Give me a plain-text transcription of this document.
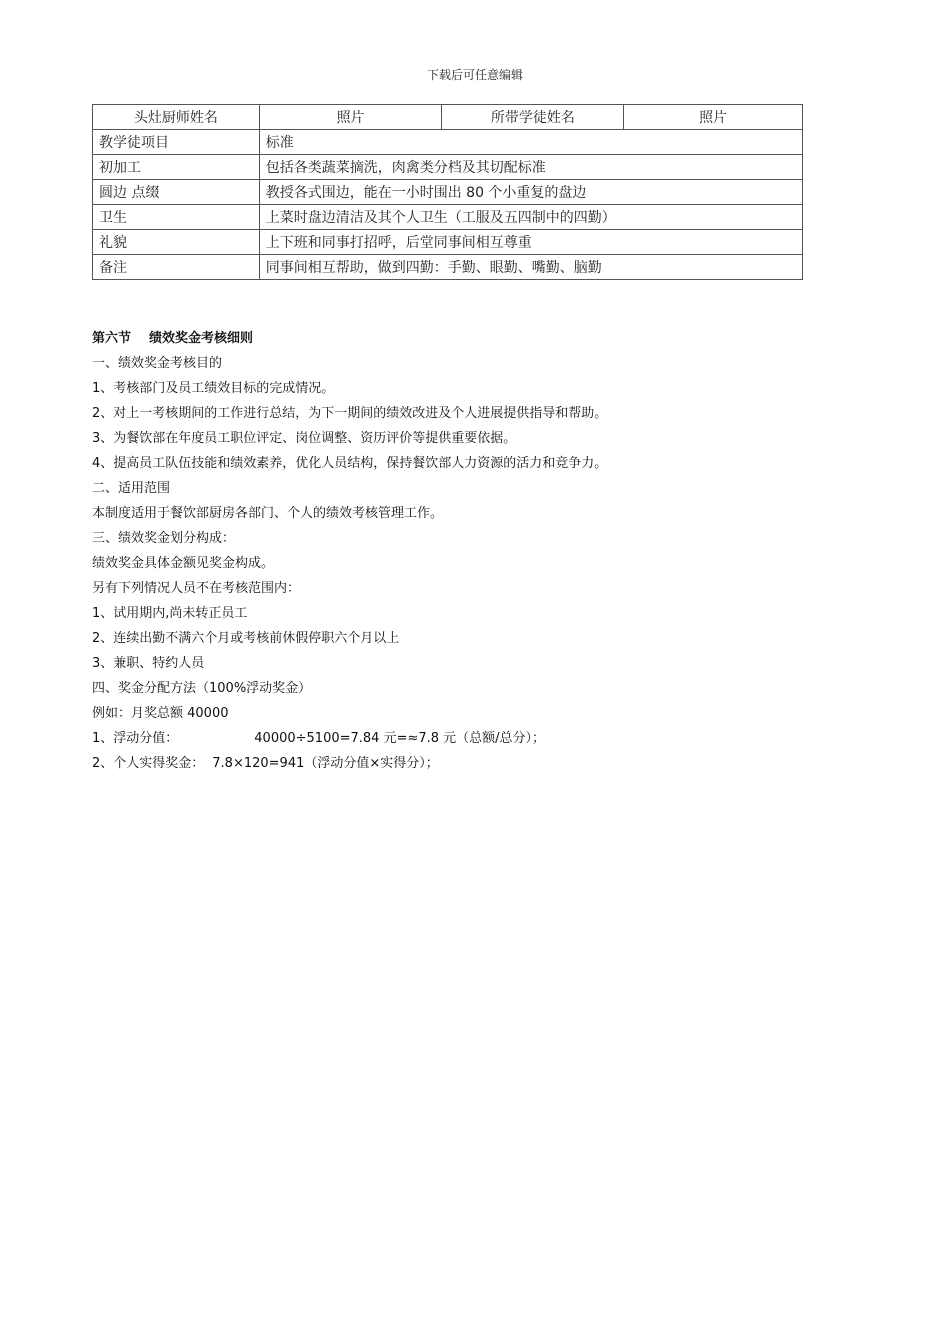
下载后可任意编辑
头灶厨师姓名	照片	所带学徒姓名	照片
教学徒项目	标准		
初加工	包括各类蔬菜摘洗，肉禽类分档及其切配标准		
圆边 点缀	教授各式围边，能在一小时围出 80 个小重复的盘边		
卫生	上菜时盘边清洁及其个人卫生（工服及五四制中的四勤）		
礼貌	上下班和同事打招呼，后堂同事间相互尊重		
备注	同事间相互帮助，做到四勤：手勤、眼勤、嘴勤、脑勤		
第六节 绩效奖金考核细则
一、绩效奖金考核目的
1、考核部门及员工绩效目标的完成情况。
2、对上一考核期间的工作进行总结，为下一期间的绩效改进及个人进展提供指导和帮助。
3、为餐饮部在年度员工职位评定、岗位调整、资历评价等提供重要依据。
4、提高员工队伍技能和绩效素养，优化人员结构，保持餐饮部人力资源的活力和竞争力。
二、适用范围
本制度适用于餐饮部厨房各部门、个人的绩效考核管理工作。
三、绩效奖金划分构成：
绩效奖金具体金额见奖金构成。
另有下列情况人员不在考核范围内：
1、试用期内,尚未转正员工
2、连续出勤不满六个月或考核前休假停职六个月以上
3、兼职、特约人员
四、奖金分配方法（100%浮动奖金）
例如：月奖总额 40000
1、浮动分值：	40000÷5100=7.84 元=≈7.8 元（总额/总分）；
2、个人实得奖金： 7.8×120=941（浮动分值×实得分）；
